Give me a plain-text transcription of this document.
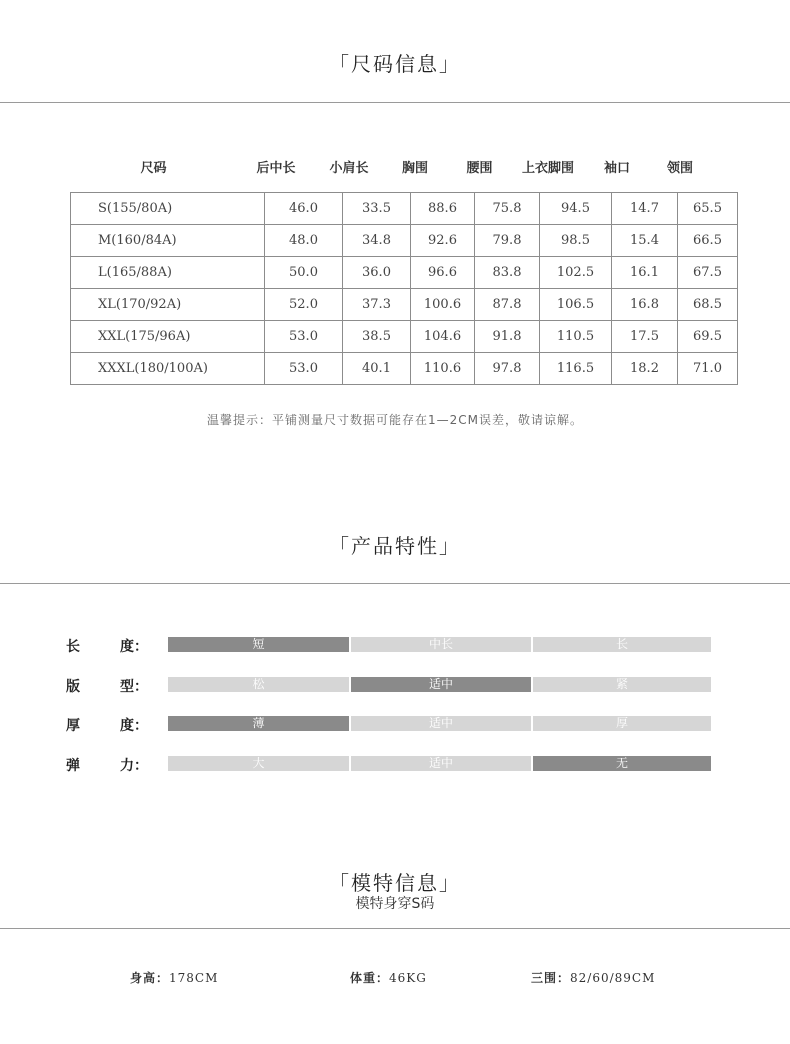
「尺码信息」
尺码	后中长	小肩长	胸围	腰围	上衣脚围	袖口	领围
S(155/80A)	46.0	33.5	88.6	75.8	94.5	14.7	65.5
M(160/84A)	48.0	34.8	92.6	79.8	98.5	15.4	66.5
L(165/88A)	50.0	36.0	96.6	83.8	102.5	16.1	67.5
XL(170/92A)	52.0	37.3	100.6	87.8	106.5	16.8	68.5
XXL(175/96A)	53.0	38.5	104.6	91.8	110.5	17.5	69.5
XXXL(180/100A)	53.0	40.1	110.6	97.8	116.5	18.2	71.0
温馨提示：平铺测量尺寸数据可能存在1—2CM误差，敬请谅解。
「产品特性」
长	度：	短	中长	长
版	型：	松	适中	紧
厚	度：	薄	适中	厚
弹	力：	大	适中	无
「模特信息」
模特身穿S码
身高：178CM	体重：46KG	三围：82/60/89CM
